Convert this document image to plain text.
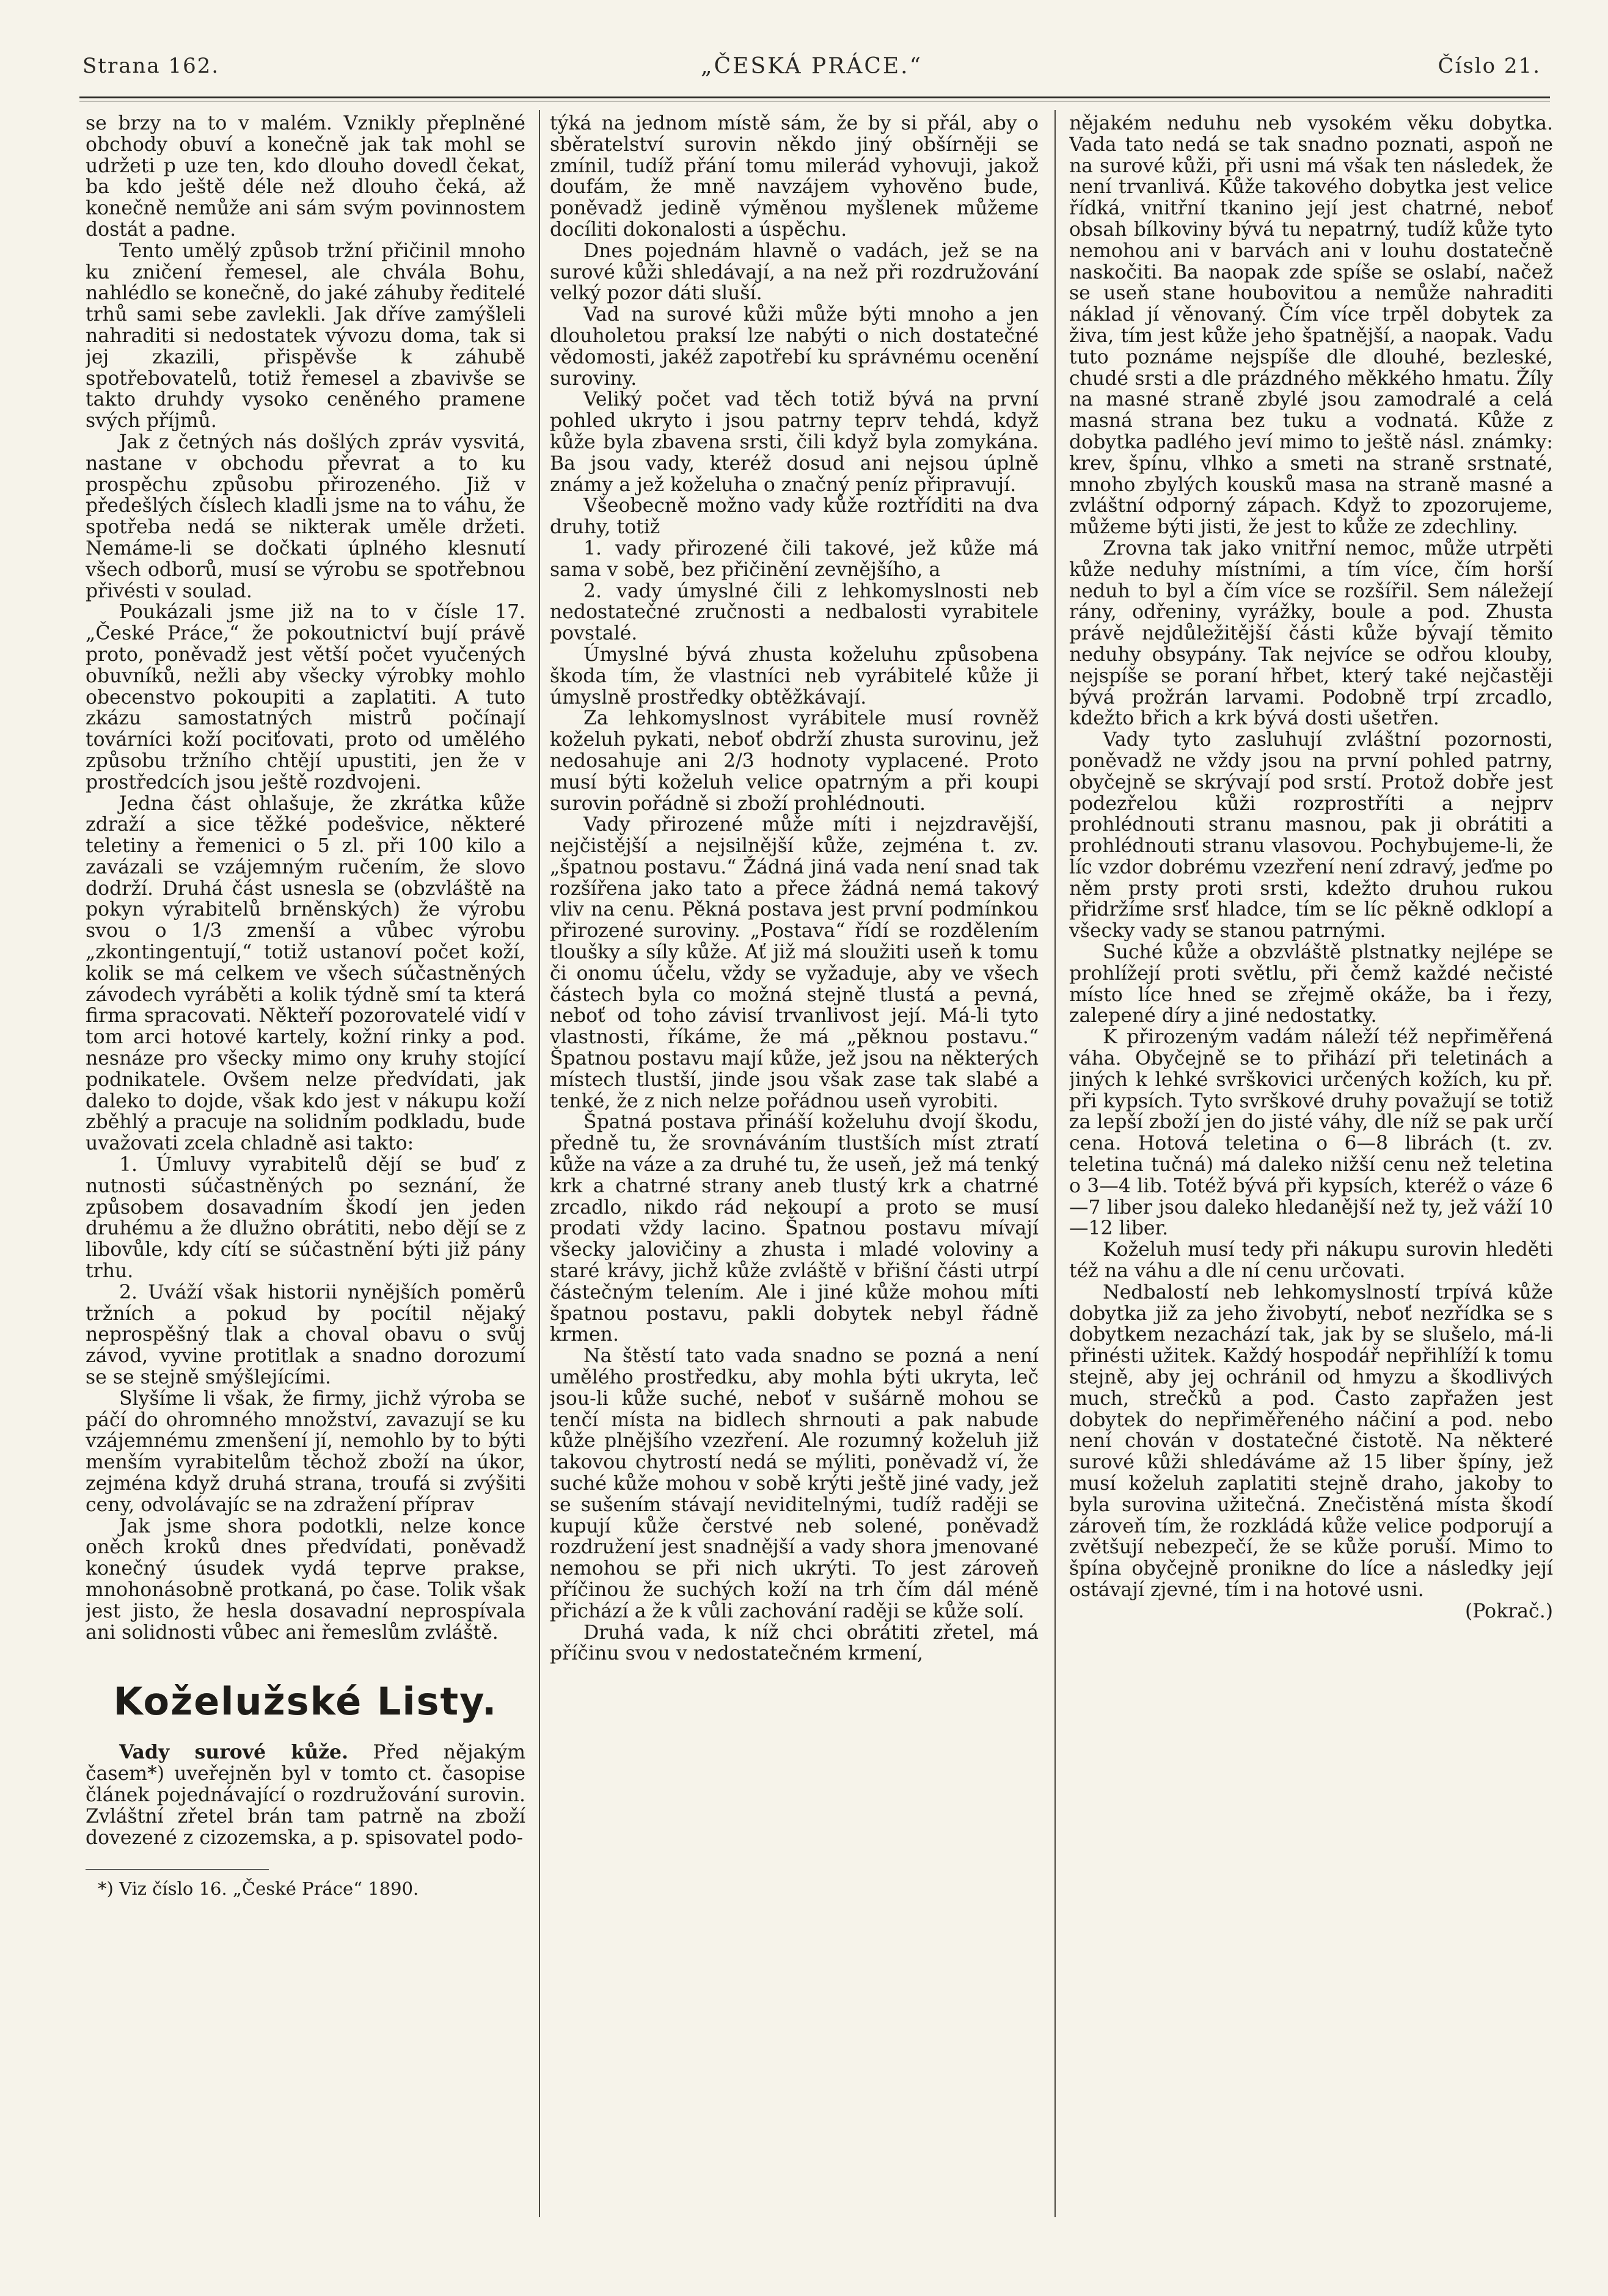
Strana 162.	„ČESKÁ PRÁCE.“	Číslo 21.

se brzy na to v malém. Vznikly přeplněné obchody obuví a konečně jak tak mohl se udržeti p uze ten, kdo dlouho dovedl čekat, ba kdo ještě déle než dlouho čeká, až konečně nemůže ani sám svým povinnostem dostát a padne.

Tento umělý způsob tržní přičinil mnoho ku zničení řemesel, ale chvála Bohu, nahlédlo se konečně, do jaké záhuby ředitelé trhů sami sebe zavlekli. Jak dříve zamýšleli nahraditi si nedostatek vývozu doma, tak si jej zkazili, přispěvše k záhubě spotřebovatelů, totiž řemesel a zbavivše se takto druhdy vysoko ceněného pramene svých příjmů.

Jak z četných nás došlých zpráv vysvitá, nastane v obchodu převrat a to ku prospěchu způsobu přirozeného. Již v předešlých číslech kladli jsme na to váhu, že spotřeba nedá se nikterak uměle držeti. Nemáme-li se dočkati úplného klesnutí všech odborů, musí se výrobu se spotřebnou přivésti v soulad.

Poukázali jsme již na to v čísle 17. „České Práce,“ že pokoutnictví bují právě proto, poněvadž jest větší počet vyučených obuvníků, nežli aby všecky výrobky mohlo obecenstvo pokoupiti a zaplatiti. A tuto zkázu samostatných mistrů počínají továrníci koží pociťovati, proto od umělého způsobu tržního chtějí upustiti, jen že v prostředcích jsou ještě rozdvojeni.

Jedna část ohlašuje, že zkrátka kůže zdraží a sice těžké podešvice, některé teletiny a řemenici o 5 zl. při 100 kilo a zavázali se vzájemným ručením, že slovo dodrží. Druhá část usnesla se (obzvláště na pokyn výrabitelů brněnských) že výrobu svou o 1/3 zmenší a vůbec výrobu „zkontingentují,“ totiž ustanoví počet koží, kolik se má celkem ve všech súčastněných závodech vyráběti a kolik týdně smí ta která firma spracovati. Někteří pozorovatelé vidí v tom arci hotové kartely, kožní rinky a pod. nesnáze pro všecky mimo ony kruhy stojící podnikatele. Ovšem nelze předvídati, jak daleko to dojde, však kdo jest v nákupu koží zběhlý a pracuje na solidním podkladu, bude uvažovati zcela chladně asi takto:

1. Úmluvy vyrabitelů dějí se buď z nutnosti súčastněných po seznání, že způsobem dosavadním škodí jen jeden druhému a že dlužno obrátiti, nebo dějí se z libovůle, kdy cítí se súčastnění býti již pány trhu.

2. Uváží však historii nynějších poměrů tržních a pokud by pocítil nějaký neprospěšný tlak a choval obavu o svůj závod, vyvine protitlak a snadno dorozumí se se stejně smýšlejícími.

Slyšíme li však, že firmy, jichž výroba se páčí do ohromného množství, zavazují se ku vzájemnému zmenšení jí, nemohlo by to býti menším vyrabitelům těchož zboží na úkor, zejména když druhá strana, troufá si zvýšiti ceny, odvolávajíc se na zdražení příprav

Jak jsme shora podotkli, nelze konce oněch kroků dnes předvídati, poněvadž konečný úsudek vydá teprve prakse, mnohonásobně protkaná, po čase. Tolik však jest jisto, že hesla dosavadní neprospívala ani solidnosti vůbec ani řemeslům zvláště.

Koželužské Listy.

Vady surové kůže. Před nějakým časem*) uveřejněn byl v tomto ct. časopise článek pojednávající o rozdružování surovin. Zvláštní zřetel brán tam patrně na zboží dovezené z cizozemska, a p. spisovatel podo-

*) Viz číslo 16. „České Práce“ 1890.

týká na jednom místě sám, že by si přál, aby o sběratelství surovin někdo jiný obšírněji se zmínil, tudíž přání tomu milerád vyhovuji, jakož doufám, že mně navzájem vyhověno bude, poněvadž jedině výměnou myšlenek můžeme docíliti dokonalosti a úspěchu.

Dnes pojednám hlavně o vadách, jež se na surové kůži shledávají, a na než při rozdružování velký pozor dáti sluší.

Vad na surové kůži může býti mnoho a jen dlouholetou praksí lze nabýti o nich dostatečné vědomosti, jakéž zapotřebí ku správnému ocenění suroviny.

Veliký počet vad těch totiž bývá na první pohled ukryto i jsou patrny teprv tehdá, když kůže byla zbavena srsti, čili když byla zomykána. Ba jsou vady, kteréž dosud ani nejsou úplně známy a jež koželuha o značný peníz připravují.

Všeobecně možno vady kůže roztříditi na dva druhy, totiž

1. vady přirozené čili takové, jež kůže má sama v sobě, bez přičinění zevnějšího, a

2. vady úmyslné čili z lehkomyslnosti neb nedostatečné zručnosti a nedbalosti vyrabitele povstalé.

Úmyslné bývá zhusta koželuhu způsobena škoda tím, že vlastníci neb vyrábitelé kůže ji úmyslně prostředky obtěžkávají.

Za lehkomyslnost vyrábitele musí rovněž koželuh pykati, neboť obdrží zhusta surovinu, jež nedosahuje ani 2/3 hodnoty vyplacené. Proto musí býti koželuh velice opatrným a při koupi surovin pořádně si zboží prohlédnouti.

Vady přirozené může míti i nejzdravější, nejčistější a nejsilnější kůže, zejména t. zv. „špatnou postavu.“ Žádná jiná vada není snad tak rozšířena jako tato a přece žádná nemá takový vliv na cenu. Pěkná postava jest první podmínkou přirozené suroviny. „Postava“ řídí se rozdělením tloušky a síly kůže. Ať již má sloužiti useň k tomu či onomu účelu, vždy se vyžaduje, aby ve všech částech byla co možná stejně tlustá a pevná, neboť od toho závisí trvanlivost její. Má-li tyto vlastnosti, říkáme, že má „pěknou postavu.“ Špatnou postavu mají kůže, jež jsou na některých místech tlustší, jinde jsou však zase tak slabé a tenké, že z nich nelze pořádnou useň vyrobiti.

Špatná postava přináší koželuhu dvojí škodu, předně tu, že srovnáváním tlustších míst ztratí kůže na váze a za druhé tu, že useň, jež má tenký krk a chatrné strany aneb tlustý krk a chatrné zrcadlo, nikdo rád nekoupí a proto se musí prodati vždy lacino. Špatnou postavu mívají všecky jalovičiny a zhusta i mladé voloviny a staré krávy, jichž kůže zvláště v břišní části utrpí částečným telením. Ale i jiné kůže mohou míti špatnou postavu, pakli dobytek nebyl řádně krmen.

Na štěstí tato vada snadno se pozná a není umělého prostředku, aby mohla býti ukryta, leč jsou-li kůže suché, neboť v sušárně mohou se tenčí místa na bidlech shrnouti a pak nabude kůže plnějšího vzezření. Ale rozumný koželuh již takovou chytrostí nedá se mýliti, poněvadž ví, že suché kůže mohou v sobě krýti ještě jiné vady, jež se sušením stávají neviditelnými, tudíž raději se kupují kůže čerstvé neb solené, poněvadž rozdružení jest snadnější a vady shora jmenované nemohou se při nich ukrýti. To jest zároveň příčinou že suchých koží na trh čím dál méně přichází a že k vůli zachování raději se kůže solí.

Druhá vada, k níž chci obrátiti zřetel, má příčinu svou v nedostatečném krmení,

nějakém neduhu neb vysokém věku dobytka. Vada tato nedá se tak snadno poznati, aspoň ne na surové kůži, při usni má však ten následek, že není trvanlivá. Kůže takového dobytka jest velice řídká, vnitřní tkanino její jest chatrné, neboť obsah bílkoviny bývá tu nepatrný, tudíž kůže tyto nemohou ani v barvách ani v louhu dostatečně naskočiti. Ba naopak zde spíše se oslabí, načež se useň stane houbovitou a nemůže nahraditi náklad jí věnovaný. Čím více trpěl dobytek za živa, tím jest kůže jeho špatnější, a naopak. Vadu tuto poznáme nejspíše dle dlouhé, bezleské, chudé srsti a dle prázdného měkkého hmatu. Žíly na masné straně zbylé jsou zamodralé a celá masná strana bez tuku a vodnatá. Kůže z dobytka padlého jeví mimo to ještě násl. známky: krev, špínu, vlhko a smeti na straně srstnaté, mnoho zbylých kousků masa na straně masné a zvláštní odporný zápach. Když to zpozorujeme, můžeme býti jisti, že jest to kůže ze zdechliny.

Zrovna tak jako vnitřní nemoc, může utrpěti kůže neduhy místními, a tím více, čím horší neduh to byl a čím více se rozšířil. Sem náležejí rány, odřeniny, vyrážky, boule a pod. Zhusta právě nejdůležitější části kůže bývají těmito neduhy obsypány. Tak nejvíce se odřou klouby, nejspíše se poraní hřbet, který také nejčastěji bývá prožrán larvami. Podobně trpí zrcadlo, kdežto břich a krk bývá dosti ušetřen.

Vady tyto zasluhují zvláštní pozornosti, poněvadž ne vždy jsou na první pohled patrny, obyčejně se skrývají pod srstí. Protož dobře jest podezřelou kůži rozprostříti a nejprv prohlédnouti stranu masnou, pak ji obrátiti a prohlédnouti stranu vlasovou. Pochybujeme-li, že líc vzdor dobrému vzezření není zdravý, jeďme po něm prsty proti srsti, kdežto druhou rukou přidržíme srsť hladce, tím se líc pěkně odklopí a všecky vady se stanou patrnými.

Suché kůže a obzvláště plstnatky nejlépe se prohlížejí proti světlu, při čemž každé nečisté místo líce hned se zřejmě okáže, ba i řezy, zalepené díry a jiné nedostatky.

K přirozeným vadám náleží též nepřiměřená váha. Obyčejně se to přihází při teletinách a jiných k lehké svrškovici určených kožích, ku př. při kypsích. Tyto svrškové druhy považují se totiž za lepší zboží jen do jisté váhy, dle níž se pak určí cena. Hotová teletina o 6—8 librách (t. zv. teletina tučná) má daleko nižší cenu než teletina o 3—4 lib. Totéž bývá při kypsích, kteréž o váze 6—7 liber jsou daleko hledanější než ty, jež váží 10—12 liber.

Koželuh musí tedy při nákupu surovin hleděti též na váhu a dle ní cenu určovati.

Nedbalostí neb lehkomyslností trpívá kůže dobytka již za jeho živobytí, neboť nezřídka se s dobytkem nezachází tak, jak by se slušelo, má-li přinésti užitek. Každý hospodář nepřihlíží k tomu stejně, aby jej ochránil od hmyzu a škodlivých much, strečků a pod. Často zapřažen jest dobytek do nepřiměřeného náčiní a pod. nebo není chován v dostatečné čistotě. Na některé surové kůži shledáváme až 15 liber špíny, jež musí koželuh zaplatiti stejně draho, jakoby to byla surovina užitečná. Znečistěná místa škodí zároveň tím, že rozkládá kůže velice podporují a zvětšují nebezpečí, že se kůže poruší. Mimo to špína obyčejně pronikne do líce a následky její ostávají zjevné, tím i na hotové usni.

(Pokrač.)
